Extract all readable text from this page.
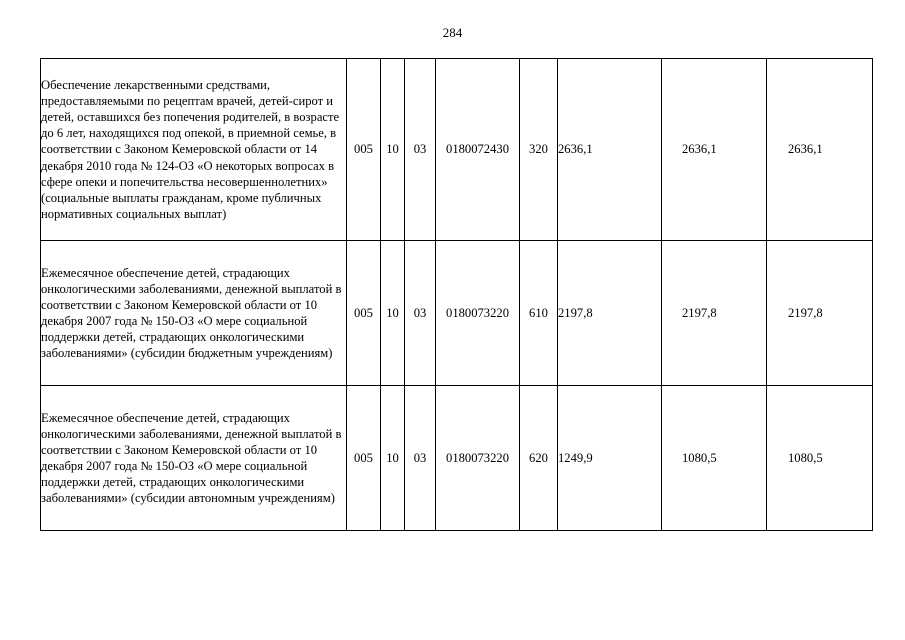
284
Обеспечение лекарственными средствами, предоставляемыми по рецептам врачей, детей-сирот и детей, оставшихся без попечения родителей, в возрасте до 6 лет, находящихся под опекой, в приемной семье, в соответствии с Законом Кемеровской области от 14 декабря 2010 года № 124-ОЗ «О некоторых вопросах в сфере опеки и попечительства несовершеннолетних» (социальные выплаты гражданам, кроме публичных нормативных социальных выплат)	005	10	03	0180072430	320	2636,1	2636,1	2636,1
Ежемесячное обеспечение детей, страдающих онкологическими заболеваниями, денежной выплатой в соответствии с Законом Кемеровской области от 10 декабря 2007 года № 150-ОЗ «О мере социальной поддержки детей, страдающих онкологическими заболеваниями» (субсидии бюджетным учреждениям)	005	10	03	0180073220	610	2197,8	2197,8	2197,8
Ежемесячное обеспечение детей, страдающих онкологическими заболеваниями, денежной выплатой в соответствии с Законом Кемеровской области от 10 декабря 2007 года № 150-ОЗ «О мере социальной поддержки детей, страдающих онкологическими заболеваниями» (субсидии автономным учреждениям)	005	10	03	0180073220	620	1249,9	1080,5	1080,5
